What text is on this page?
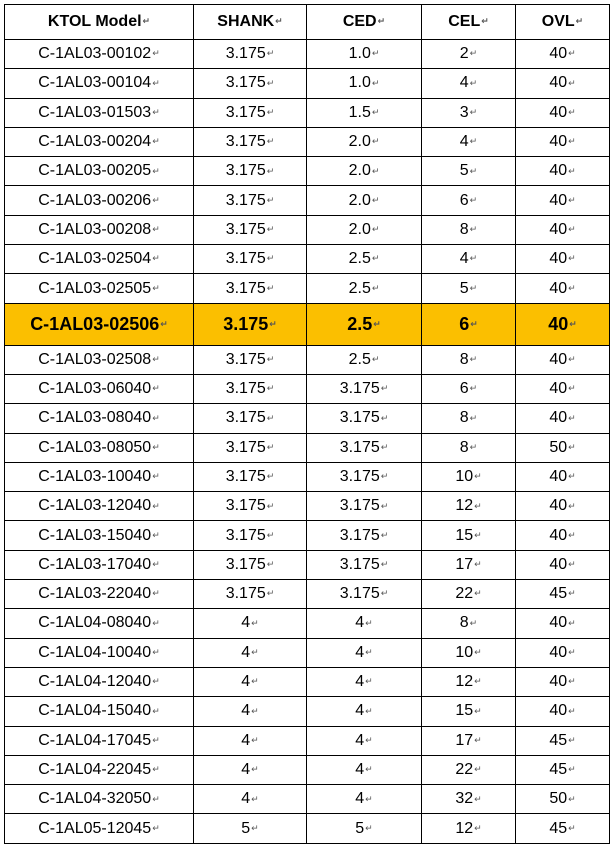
KTOL Model↵	SHANK↵	CED↵	CEL↵	OVL↵
C-1AL03-00102↵	3.175↵	1.0↵	2↵	40↵
C-1AL03-00104↵	3.175↵	1.0↵	4↵	40↵
C-1AL03-01503↵	3.175↵	1.5↵	3↵	40↵
C-1AL03-00204↵	3.175↵	2.0↵	4↵	40↵
C-1AL03-00205↵	3.175↵	2.0↵	5↵	40↵
C-1AL03-00206↵	3.175↵	2.0↵	6↵	40↵
C-1AL03-00208↵	3.175↵	2.0↵	8↵	40↵
C-1AL03-02504↵	3.175↵	2.5↵	4↵	40↵
C-1AL03-02505↵	3.175↵	2.5↵	5↵	40↵
C-1AL03-02506↵	3.175↵	2.5↵	6↵	40↵
C-1AL03-02508↵	3.175↵	2.5↵	8↵	40↵
C-1AL03-06040↵	3.175↵	3.175↵	6↵	40↵
C-1AL03-08040↵	3.175↵	3.175↵	8↵	40↵
C-1AL03-08050↵	3.175↵	3.175↵	8↵	50↵
C-1AL03-10040↵	3.175↵	3.175↵	10↵	40↵
C-1AL03-12040↵	3.175↵	3.175↵	12↵	40↵
C-1AL03-15040↵	3.175↵	3.175↵	15↵	40↵
C-1AL03-17040↵	3.175↵	3.175↵	17↵	40↵
C-1AL03-22040↵	3.175↵	3.175↵	22↵	45↵
C-1AL04-08040↵	4↵	4↵	8↵	40↵
C-1AL04-10040↵	4↵	4↵	10↵	40↵
C-1AL04-12040↵	4↵	4↵	12↵	40↵
C-1AL04-15040↵	4↵	4↵	15↵	40↵
C-1AL04-17045↵	4↵	4↵	17↵	45↵
C-1AL04-22045↵	4↵	4↵	22↵	45↵
C-1AL04-32050↵	4↵	4↵	32↵	50↵
C-1AL05-12045↵	5↵	5↵	12↵	45↵
